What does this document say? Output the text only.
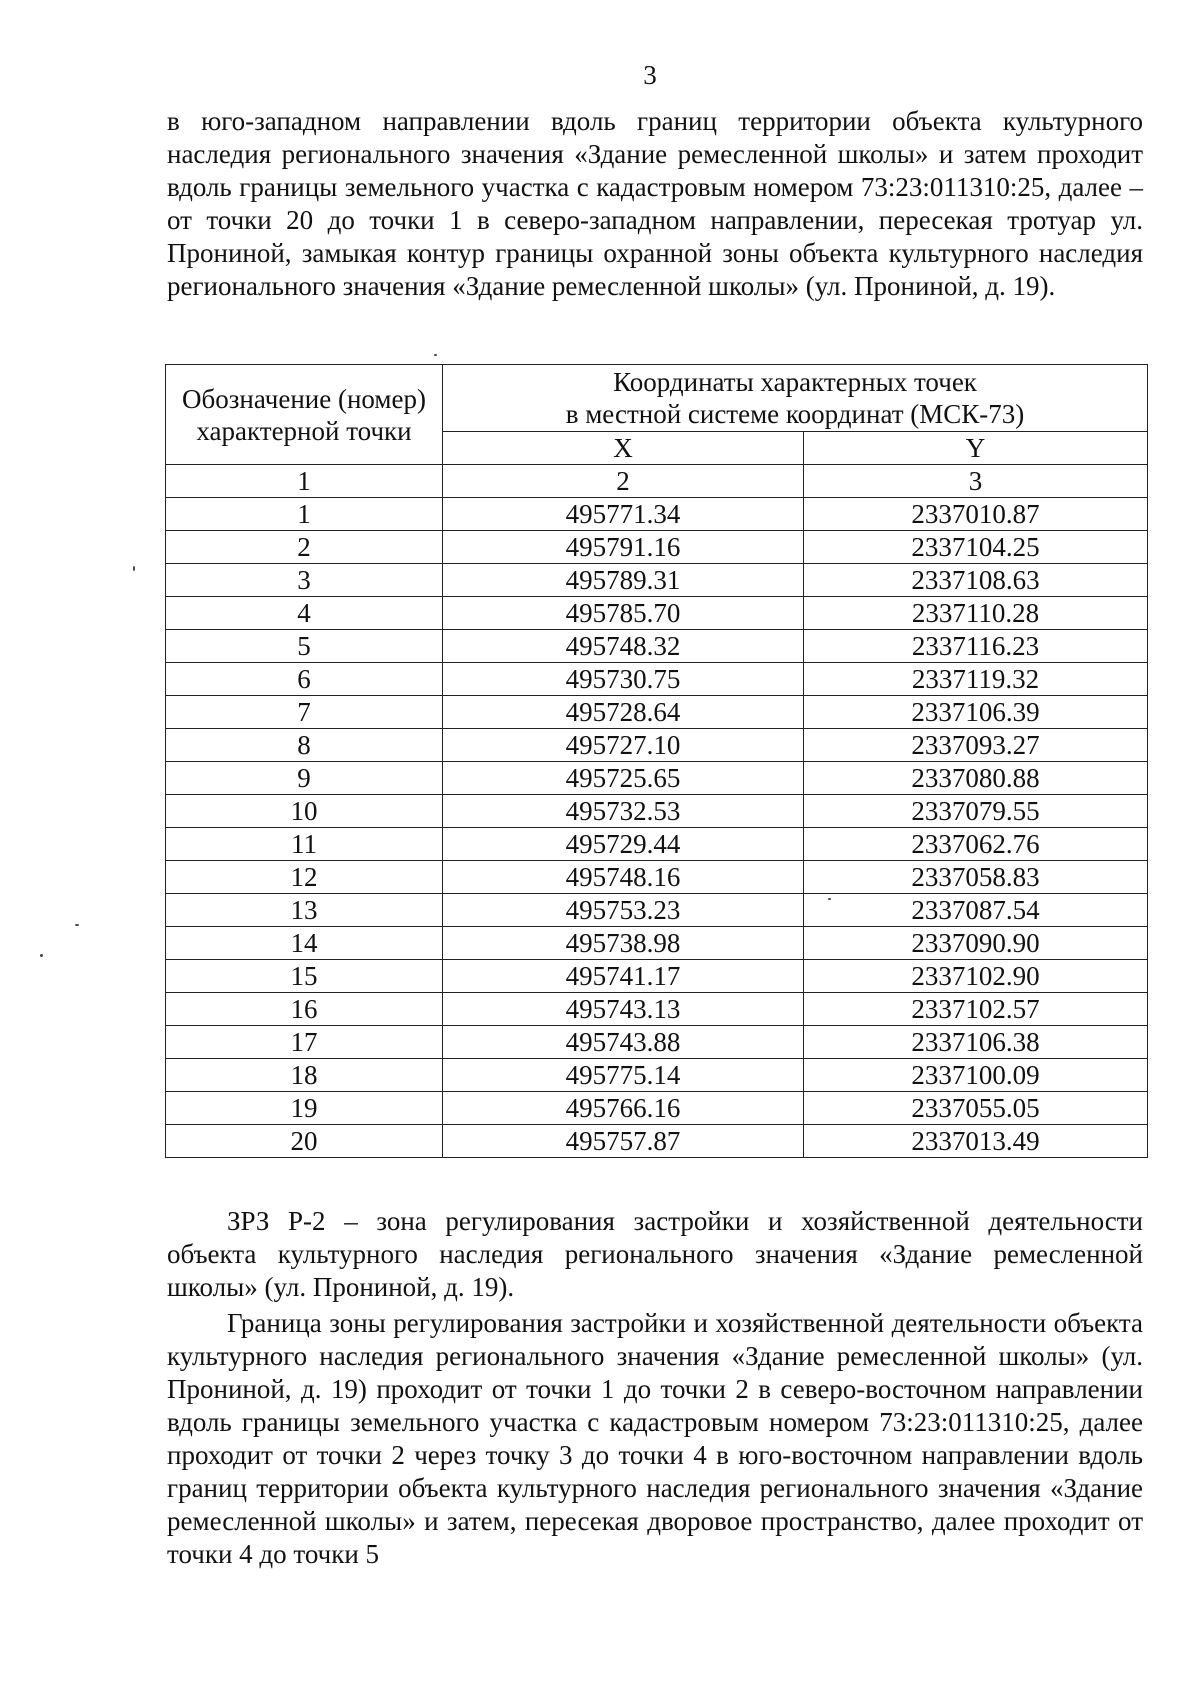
3

в юго-западном направлении вдоль границ территории объекта культурного наследия регионального значения «Здание ремесленной школы» и затем проходит вдоль границы земельного участка с кадастровым номером 73:23:011310:25, далее – от точки 20 до точки 1 в северо-западном направлении, пересекая тротуар ул. Прониной, замыкая контур границы охранной зоны объекта культурного наследия регионального значения «Здание ремесленной школы» (ул. Прониной, д. 19).

Обозначение (номер) характерной точки	Координаты характерных точек
в местной системе координат (МСК-73)	
	X	Y
1	2	3
1	495771.34	2337010.87
2	495791.16	2337104.25
3	495789.31	2337108.63
4	495785.70	2337110.28
5	495748.32	2337116.23
6	495730.75	2337119.32
7	495728.64	2337106.39
8	495727.10	2337093.27
9	495725.65	2337080.88
10	495732.53	2337079.55
11	495729.44	2337062.76
12	495748.16	2337058.83
13	495753.23	2337087.54
14	495738.98	2337090.90
15	495741.17	2337102.90
16	495743.13	2337102.57
17	495743.88	2337106.38
18	495775.14	2337100.09
19	495766.16	2337055.05
20	495757.87	2337013.49

ЗРЗ Р-2 – зона регулирования застройки и хозяйственной деятельности объекта культурного наследия регионального значения «Здание ремесленной школы» (ул. Прониной, д. 19).

Граница зоны регулирования застройки и хозяйственной деятельности объекта культурного наследия регионального значения «Здание ремесленной школы» (ул. Прониной, д. 19) проходит от точки 1 до точки 2 в северо-восточном направлении вдоль границы земельного участка с кадастровым номером 73:23:011310:25, далее проходит от точки 2 через точку 3 до точки 4 в юго-восточном направлении вдоль границ территории объекта культурного наследия регионального значения «Здание ремесленной школы» и затем, пересекая дворовое пространство, далее проходит от точки 4 до точки 5
